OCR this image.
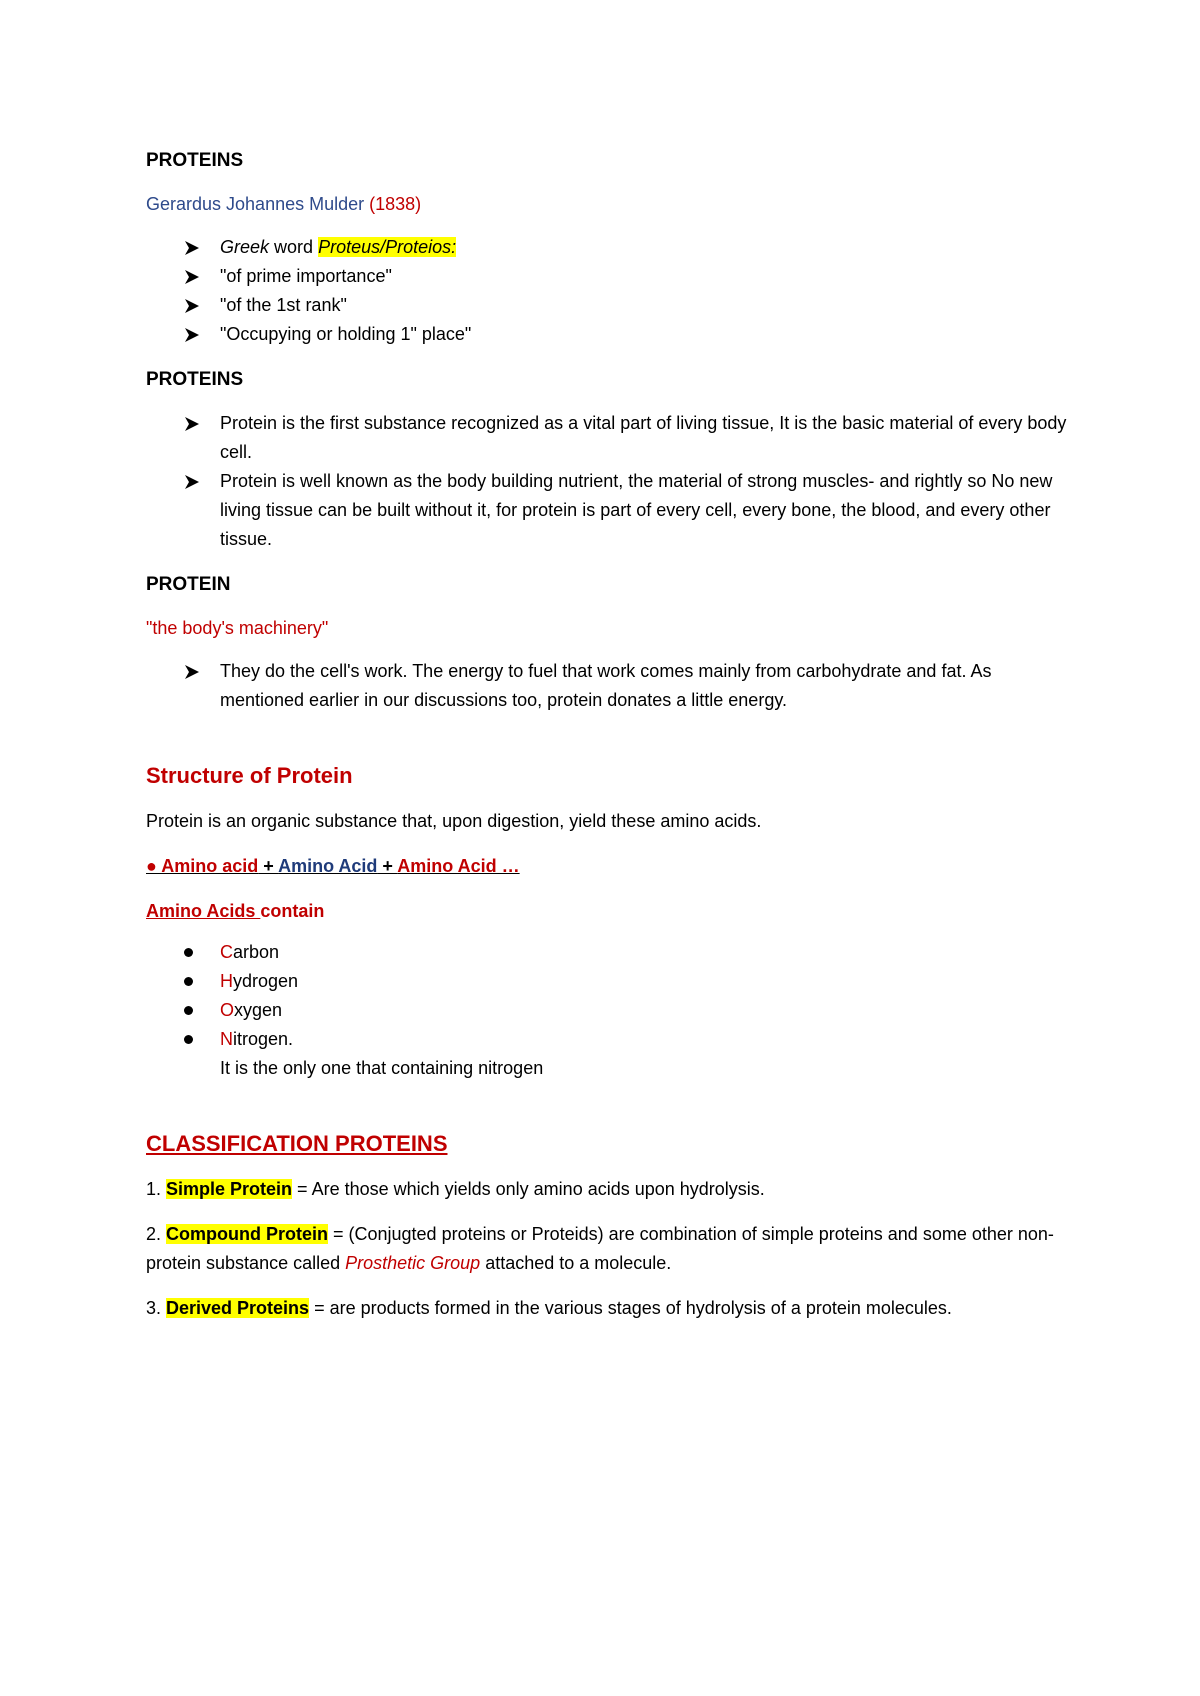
PROTEINS

Gerardus Johannes Mulder (1838)

Greek word Proteus/Proteios:
"of prime importance"
"of the 1st rank"
"Occupying or holding 1" place"

PROTEINS

Protein is the first substance recognized as a vital part of living tissue, It is the basic material of every body cell.
Protein is well known as the body building nutrient, the material of strong muscles- and rightly so No new living tissue can be built without it, for protein is part of every cell, every bone, the blood, and every other tissue.

PROTEIN

"the body's machinery"

They do the cell's work. The energy to fuel that work comes mainly from carbohydrate and fat. As mentioned earlier in our discussions too, protein donates a little energy.

Structure of Protein

Protein is an organic substance that, upon digestion, yield these amino acids.

● Amino acid + Amino Acid + Amino Acid …

Amino Acids contain

Carbon
Hydrogen
Oxygen
Nitrogen.
It is the only one that containing nitrogen

CLASSIFICATION PROTEINS

1. Simple Protein = Are those which yields only amino acids upon hydrolysis.

2. Compound Protein = (Conjugted proteins or Proteids) are combination of simple proteins and some other non-protein substance called Prosthetic Group attached to a molecule.

3. Derived Proteins = are products formed in the various stages of hydrolysis of a protein molecules.
